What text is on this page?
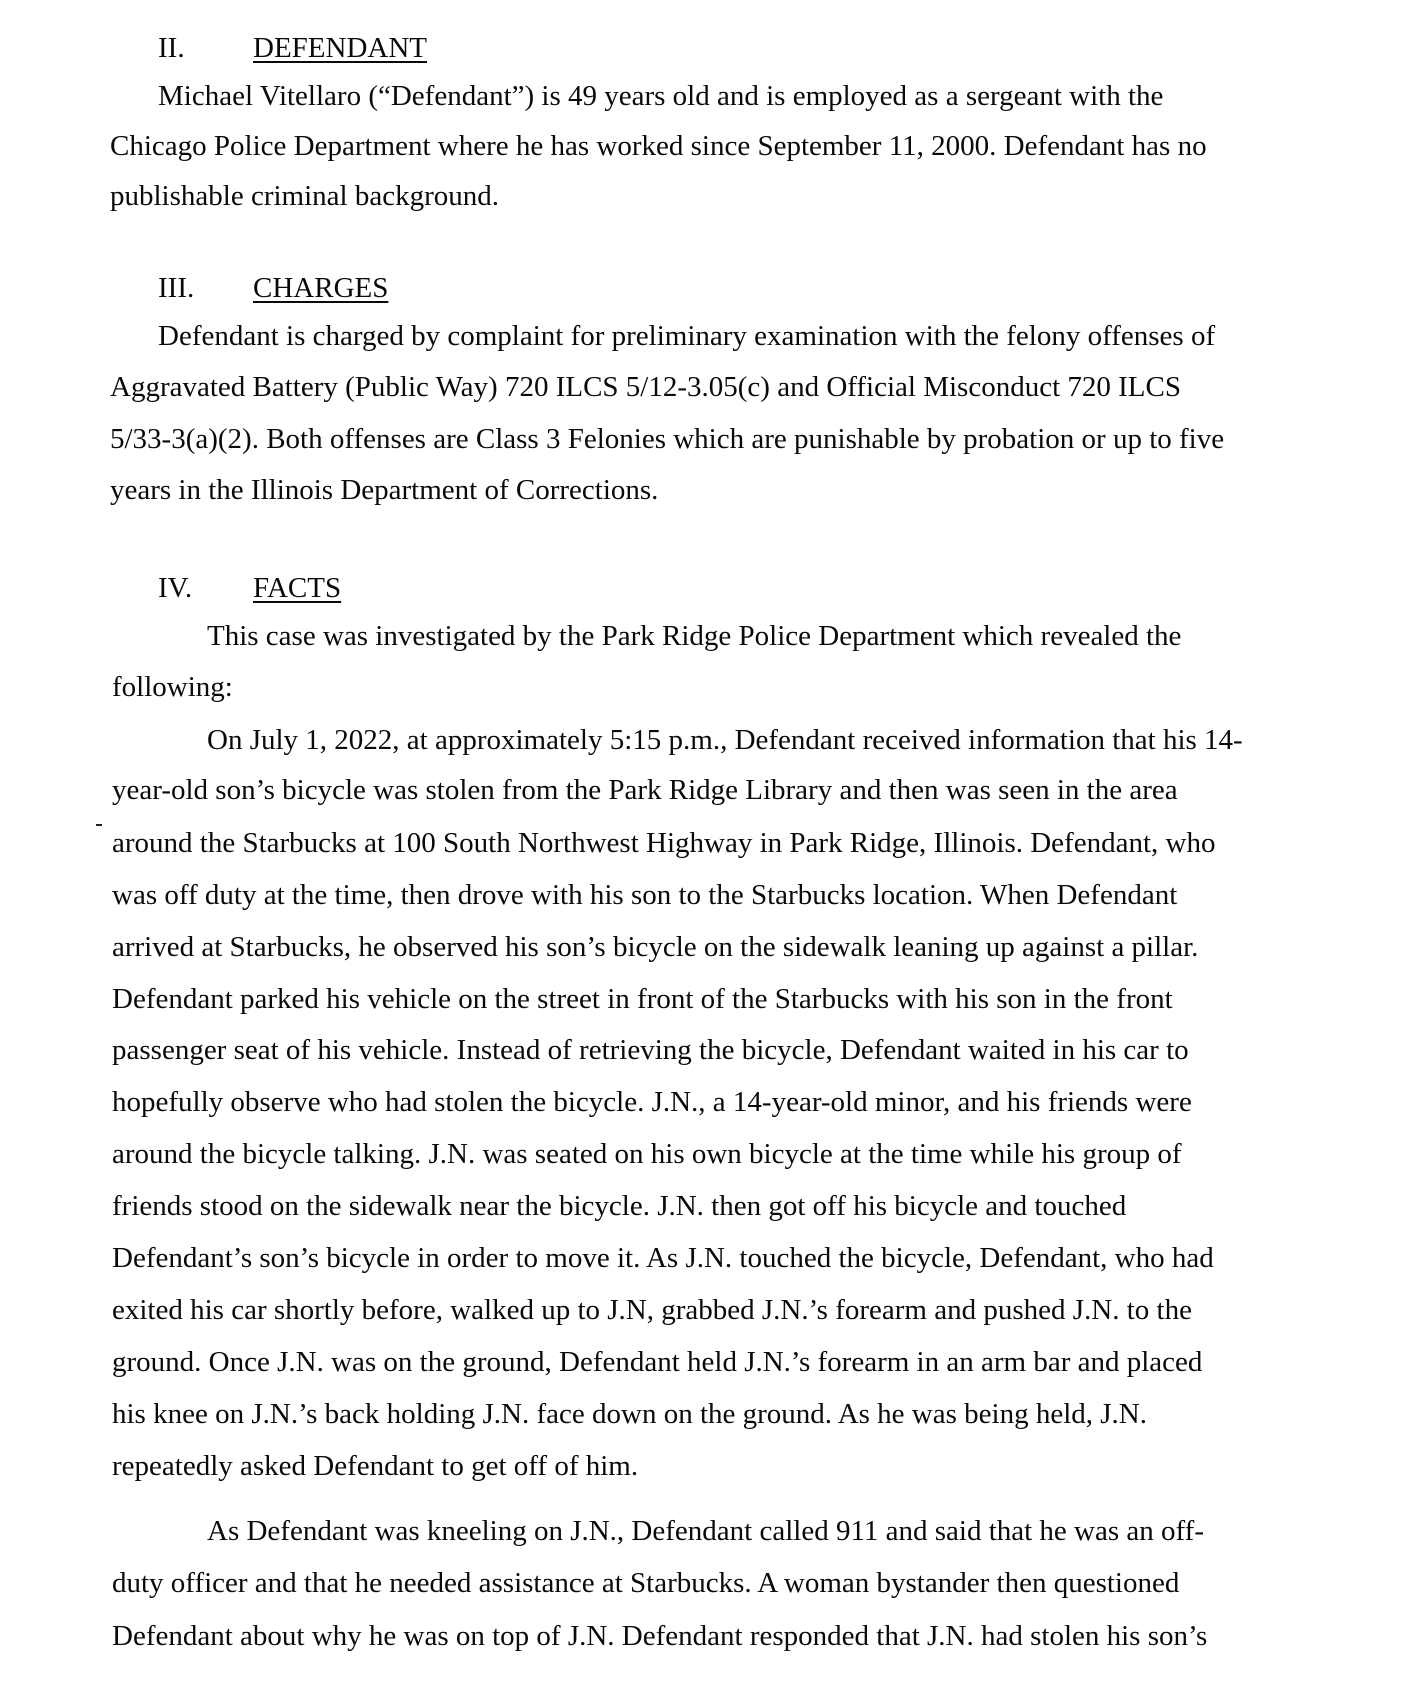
II. DEFENDANT
Michael Vitellaro (“Defendant”) is 49 years old and is employed as a sergeant with the
Chicago Police Department where he has worked since September 11, 2000. Defendant has no
publishable criminal background.
III. CHARGES
Defendant is charged by complaint for preliminary examination with the felony offenses of
Aggravated Battery (Public Way) 720 ILCS 5/12-3.05(c) and Official Misconduct 720 ILCS
5/33-3(a)(2). Both offenses are Class 3 Felonies which are punishable by probation or up to five
years in the Illinois Department of Corrections.
IV. FACTS
This case was investigated by the Park Ridge Police Department which revealed the
following:
On July 1, 2022, at approximately 5:15 p.m., Defendant received information that his 14-
year-old son’s bicycle was stolen from the Park Ridge Library and then was seen in the area
around the Starbucks at 100 South Northwest Highway in Park Ridge, Illinois. Defendant, who
was off duty at the time, then drove with his son to the Starbucks location. When Defendant
arrived at Starbucks, he observed his son’s bicycle on the sidewalk leaning up against a pillar.
Defendant parked his vehicle on the street in front of the Starbucks with his son in the front
passenger seat of his vehicle. Instead of retrieving the bicycle, Defendant waited in his car to
hopefully observe who had stolen the bicycle. J.N., a 14-year-old minor, and his friends were
around the bicycle talking. J.N. was seated on his own bicycle at the time while his group of
friends stood on the sidewalk near the bicycle. J.N. then got off his bicycle and touched
Defendant’s son’s bicycle in order to move it. As J.N. touched the bicycle, Defendant, who had
exited his car shortly before, walked up to J.N, grabbed J.N.’s forearm and pushed J.N. to the
ground. Once J.N. was on the ground, Defendant held J.N.’s forearm in an arm bar and placed
his knee on J.N.’s back holding J.N. face down on the ground. As he was being held, J.N.
repeatedly asked Defendant to get off of him.
As Defendant was kneeling on J.N., Defendant called 911 and said that he was an off-
duty officer and that he needed assistance at Starbucks. A woman bystander then questioned
Defendant about why he was on top of J.N. Defendant responded that J.N. had stolen his son’s
